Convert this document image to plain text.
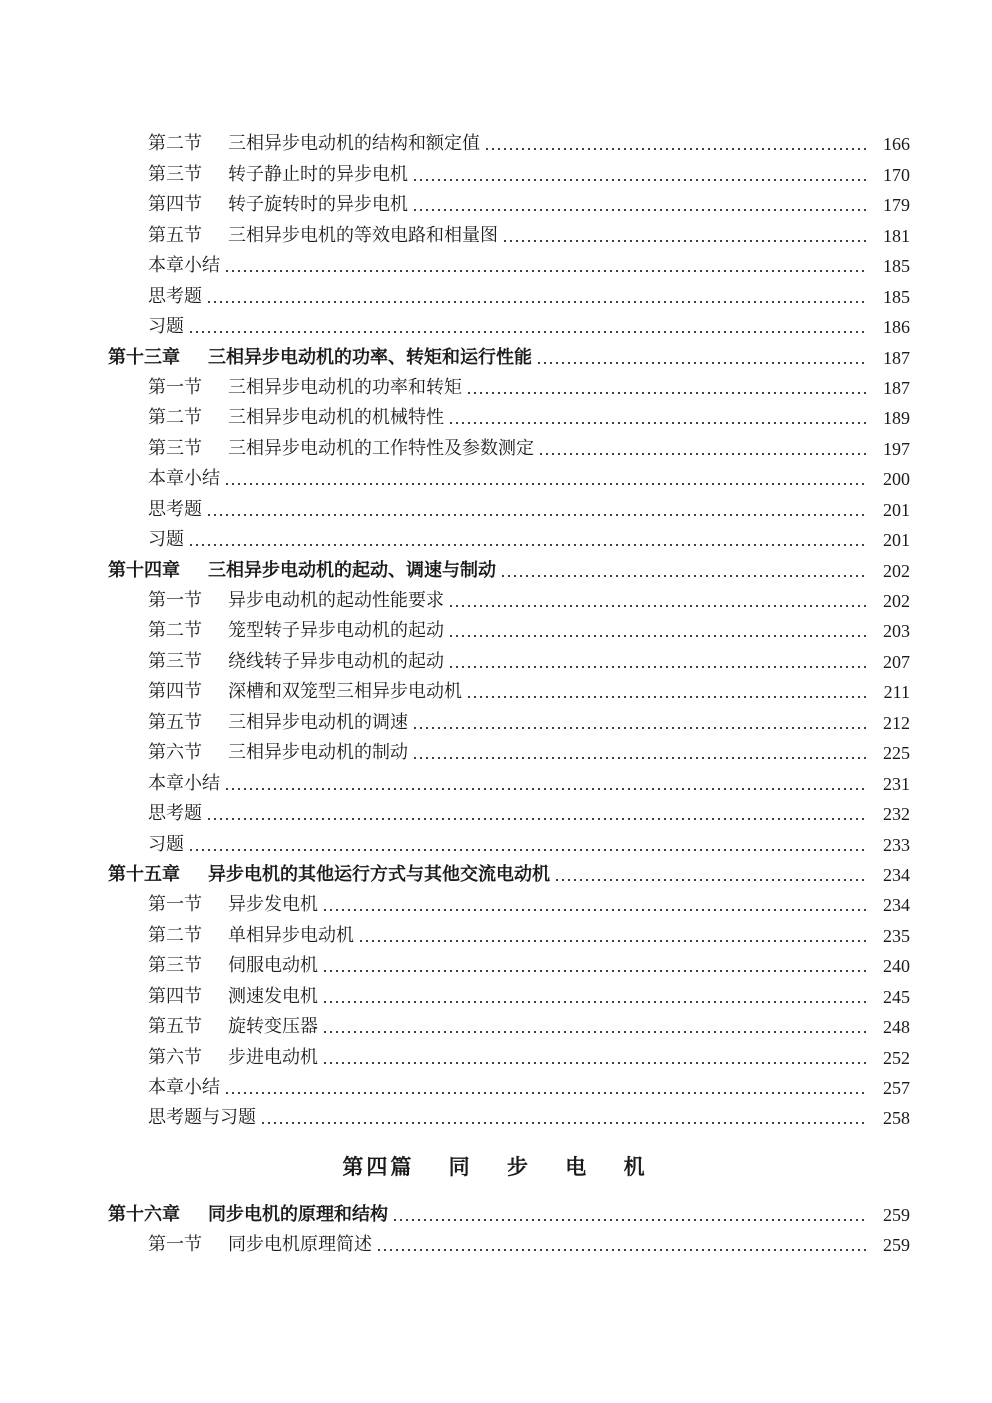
第二节 三相异步电动机的结构和额定值	166
第三节 转子静止时的异步电机	170
第四节 转子旋转时的异步电机	179
第五节 三相异步电机的等效电路和相量图	181
本章小结	185
思考题	185
习题	186
第十三章 三相异步电动机的功率、转矩和运行性能	187
第一节 三相异步电动机的功率和转矩	187
第二节 三相异步电动机的机械特性	189
第三节 三相异步电动机的工作特性及参数测定	197
本章小结	200
思考题	201
习题	201
第十四章 三相异步电动机的起动、调速与制动	202
第一节 异步电动机的起动性能要求	202
第二节 笼型转子异步电动机的起动	203
第三节 绕线转子异步电动机的起动	207
第四节 深槽和双笼型三相异步电动机	211
第五节 三相异步电动机的调速	212
第六节 三相异步电动机的制动	225
本章小结	231
思考题	232
习题	233
第十五章 异步电机的其他运行方式与其他交流电动机	234
第一节 异步发电机	234
第二节 单相异步电动机	235
第三节 伺服电动机	240
第四节 测速发电机	245
第五节 旋转变压器	248
第六节 步进电动机	252
本章小结	257
思考题与习题	258
第四篇　 同　 步　 电　 机
第十六章 同步电机的原理和结构	259
第一节 同步电机原理简述	259
